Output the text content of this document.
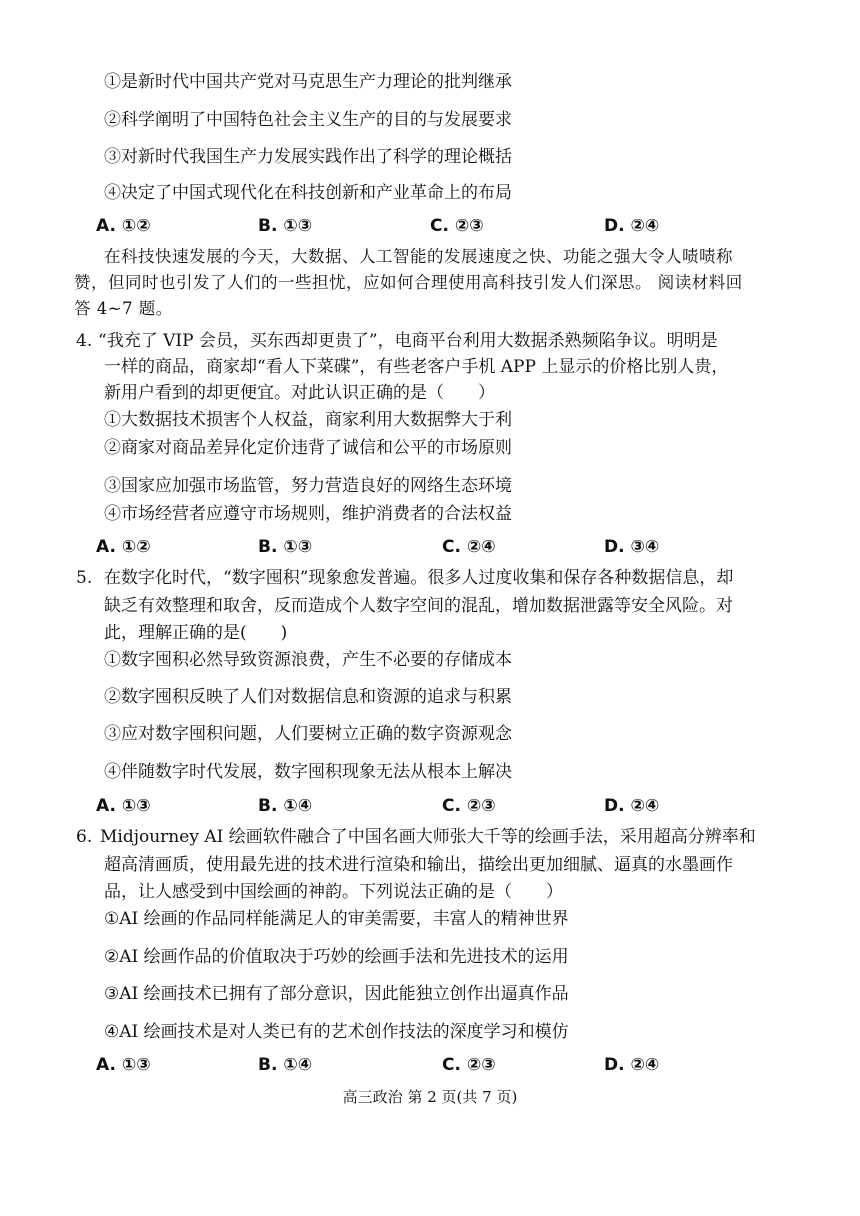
①是新时代中国共产党对马克思生产力理论的批判继承
②科学阐明了中国特色社会主义生产的目的与发展要求
③对新时代我国生产力发展实践作出了科学的理论概括
④决定了中国式现代化在科技创新和产业革命上的布局
A. ①②	B. ①③	C. ②③	D. ②④
在科技快速发展的今天，大数据、人工智能的发展速度之快、功能之强大令人啧啧称
赞，但同时也引发了人们的一些担忧，应如何合理使用高科技引发人们深思。 阅读材料回
答 4~7 题。
4. “我充了 VIP 会员，买东西却更贵了”，电商平台利用大数据杀熟频陷争议。明明是
一样的商品，商家却“看人下菜碟”，有些老客户手机 APP 上显示的价格比别人贵，
新用户看到的却更便宜。对此认识正确的是（　　）
①大数据技术损害个人权益，商家利用大数据弊大于利
②商家对商品差异化定价违背了诚信和公平的市场原则
③国家应加强市场监管，努力营造良好的网络生态环境
④市场经营者应遵守市场规则，维护消费者的合法权益
A. ①②	B. ①③	C. ②④	D. ③④
5. 在数字化时代，“数字囤积”现象愈发普遍。很多人过度收集和保存各种数据信息，却
缺乏有效整理和取舍，反而造成个人数字空间的混乱，增加数据泄露等安全风险。对
此，理解正确的是(　　)
①数字囤积必然导致资源浪费，产生不必要的存储成本
②数字囤积反映了人们对数据信息和资源的追求与积累
③应对数字囤积问题，人们要树立正确的数字资源观念
④伴随数字时代发展，数字囤积现象无法从根本上解决
A. ①③	B. ①④	C. ②③	D. ②④
6. Midjourney AI 绘画软件融合了中国名画大师张大千等的绘画手法，采用超高分辨率和
超高清画质，使用最先进的技术进行渲染和输出，描绘出更加细腻、逼真的水墨画作
品，让人感受到中国绘画的神韵。下列说法正确的是（　　）
①AI 绘画的作品同样能满足人的审美需要，丰富人的精神世界
②AI 绘画作品的价值取决于巧妙的绘画手法和先进技术的运用
③AI 绘画技术已拥有了部分意识，因此能独立创作出逼真作品
④AI 绘画技术是对人类已有的艺术创作技法的深度学习和模仿
A. ①③	B. ①④	C. ②③	D. ②④
高三政治 第 2 页(共 7 页)
